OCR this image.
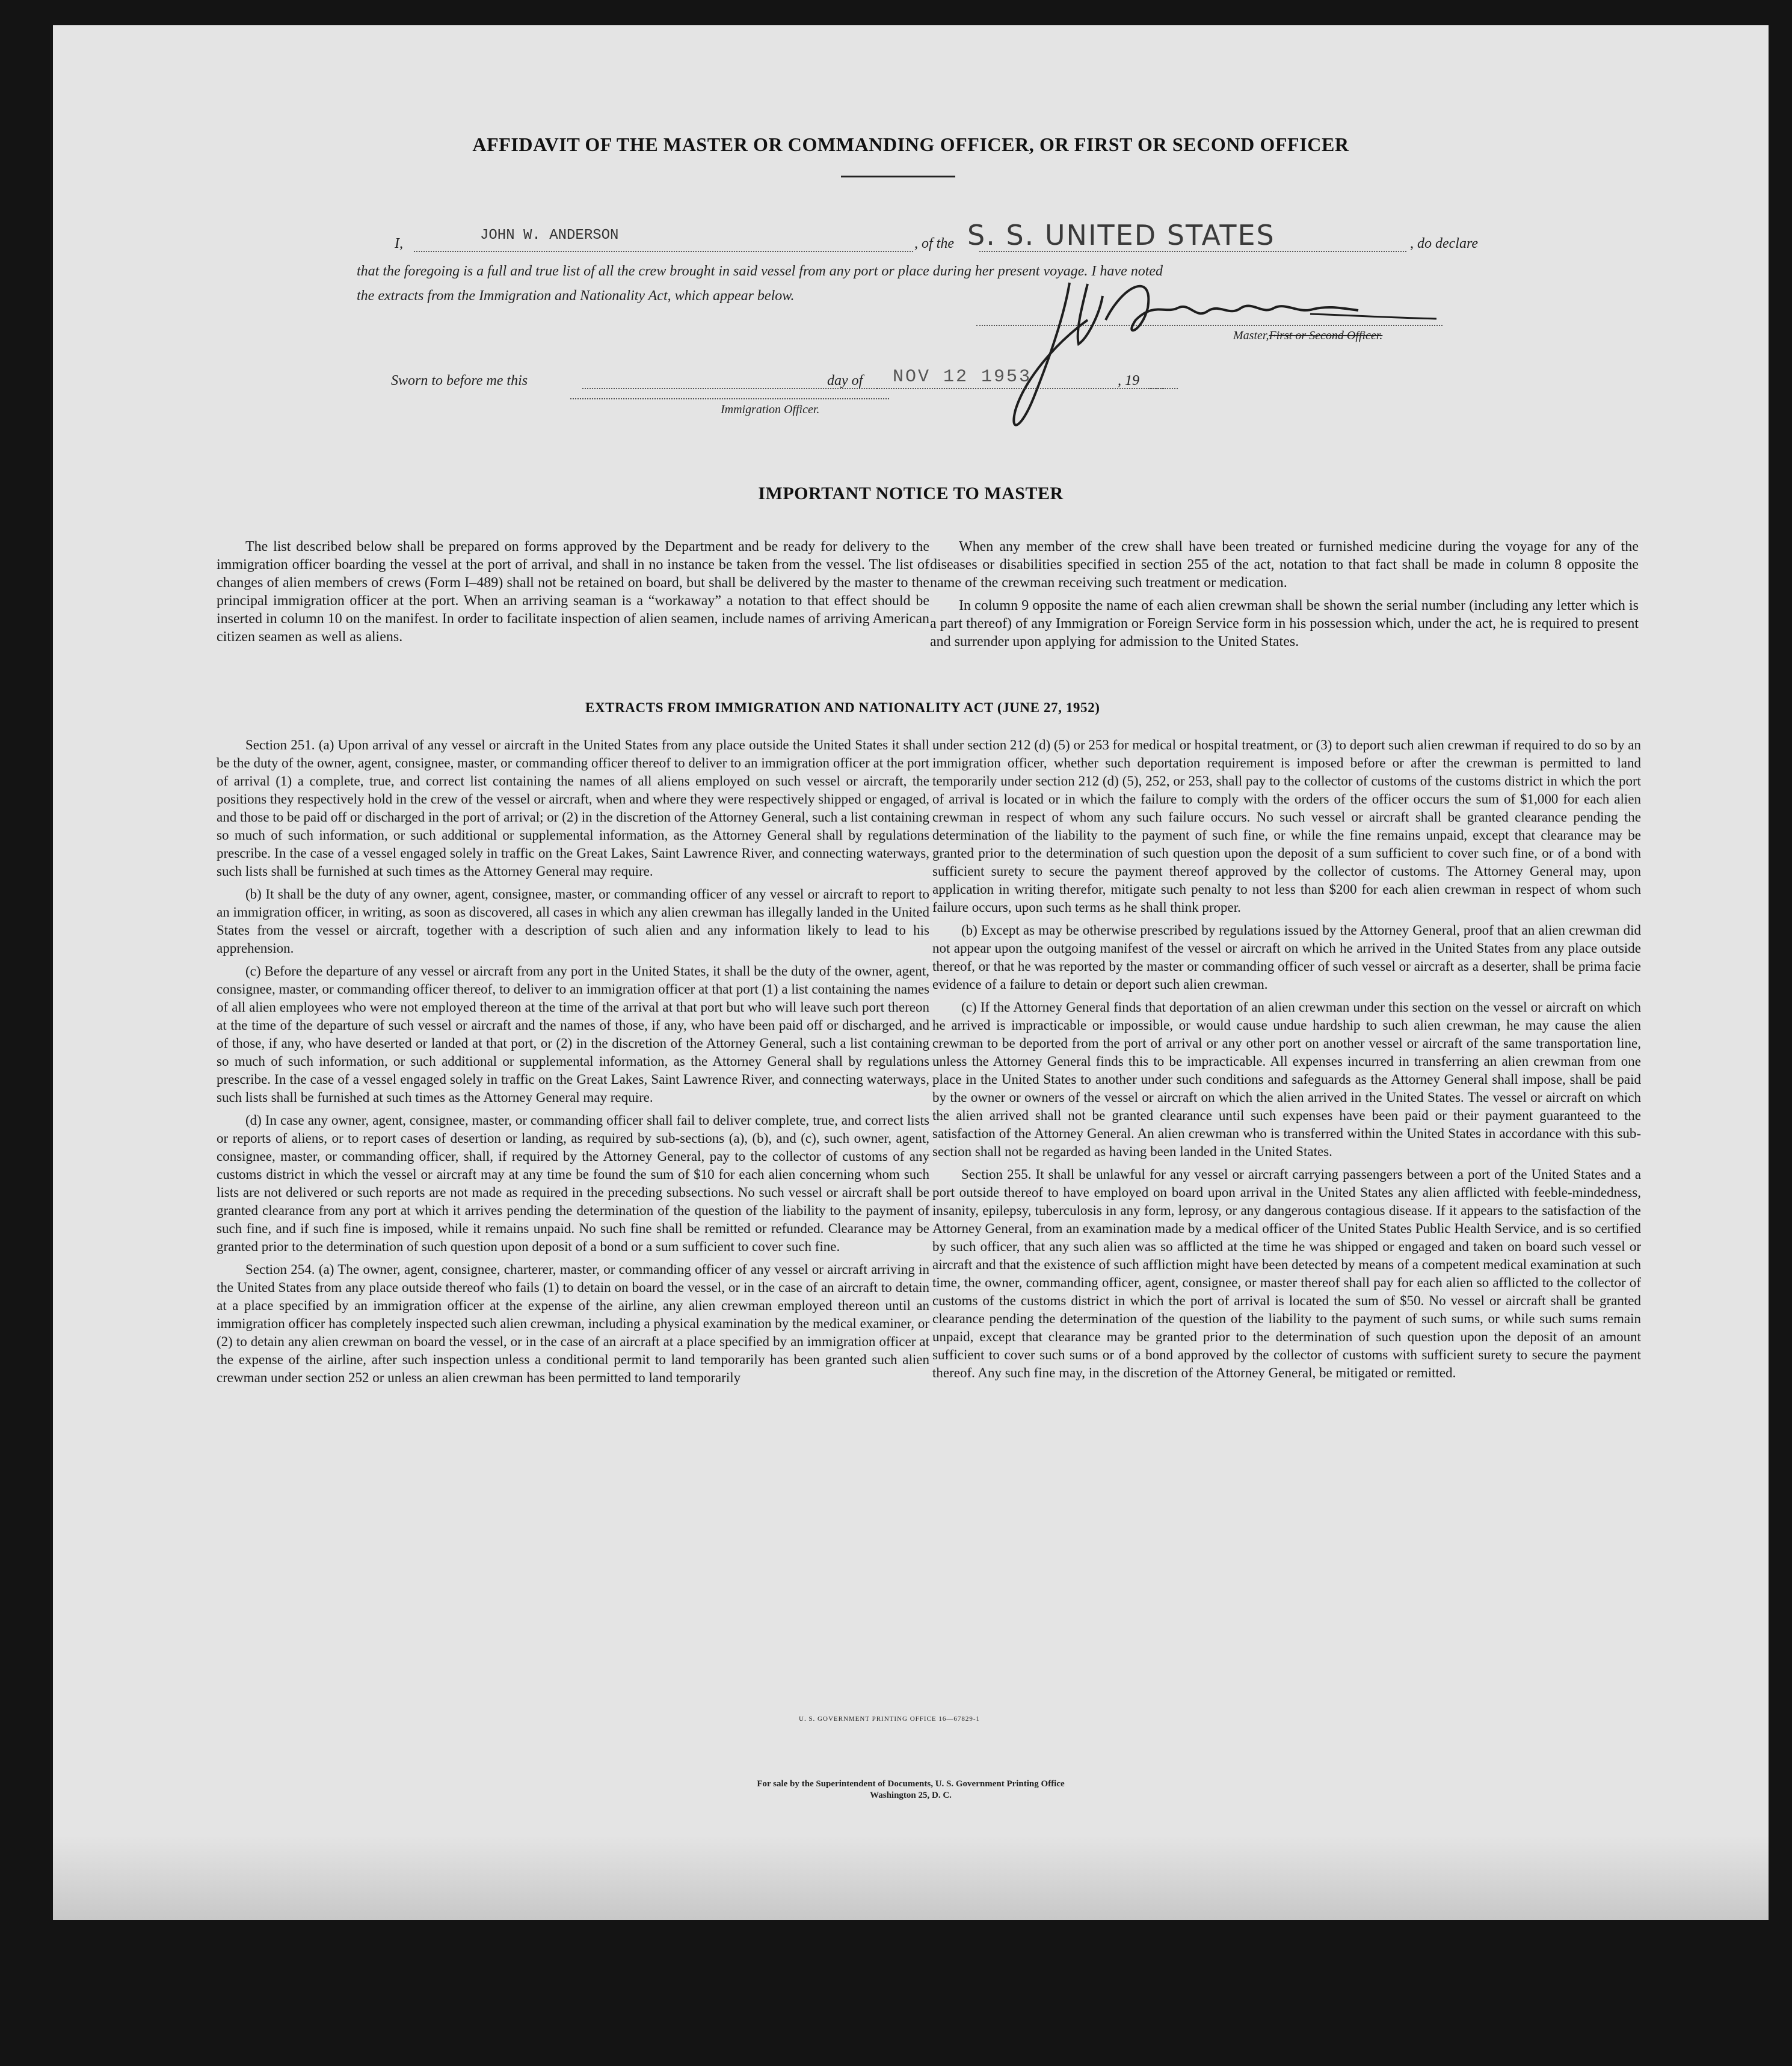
AFFIDAVIT OF THE MASTER OR COMMANDING OFFICER, OR FIRST OR SECOND OFFICER
I,	JOHN W. ANDERSON	, of the S. S. UNITED STATES	, do declare
that the foregoing is a full and true list of all the crew brought in said vessel from any port or place during her present voyage. I have noted
the extracts from the Immigration and Nationality Act, which appear below.
Master,First or Second Officer.
Sworn to before me this	day of NOV 12 1953	, 19
Immigration Officer.
IMPORTANT NOTICE TO MASTER

The list described below shall be prepared on forms approved by the Department and be ready for delivery to the immigration officer boarding the vessel at the port of arrival, and shall in no instance be taken from the vessel. The list of changes of alien members of crews (Form I–489) shall not be retained on board, but shall be delivered by the master to the principal immigration officer at the port. When an arriving seaman is a “workaway” a notation to that effect should be inserted in column 10 on the manifest. In order to facilitate inspection of alien seamen, include names of arriving American citizen seamen as well as aliens.

When any member of the crew shall have been treated or furnished medicine during the voyage for any of the diseases or disabilities specified in section 255 of the act, notation to that fact shall be made in column 8 opposite the name of the crewman receiving such treatment or medication.

In column 9 opposite the name of each alien crewman shall be shown the serial number (including any letter which is a part thereof) of any Immigration or Foreign Service form in his possession which, under the act, he is required to present and surrender upon applying for admission to the United States.

EXTRACTS FROM IMMIGRATION AND NATIONALITY ACT (JUNE 27, 1952)

Section 251. (a) Upon arrival of any vessel or aircraft in the United States from any place outside the United States it shall be the duty of the owner, agent, consignee, master, or commanding officer thereof to deliver to an immigration officer at the port of arrival (1) a complete, true, and correct list containing the names of all aliens employed on such vessel or aircraft, the positions they respectively hold in the crew of the vessel or aircraft, when and where they were respectively shipped or engaged, and those to be paid off or discharged in the port of arrival; or (2) in the discretion of the Attorney General, such a list containing so much of such information, or such additional or supplemental information, as the Attorney General shall by regulations prescribe. In the case of a vessel engaged solely in traffic on the Great Lakes, Saint Lawrence River, and connecting waterways, such lists shall be furnished at such times as the Attorney General may require.

(b) It shall be the duty of any owner, agent, consignee, master, or commanding officer of any vessel or aircraft to report to an immigration officer, in writing, as soon as discovered, all cases in which any alien crewman has illegally landed in the United States from the vessel or aircraft, together with a description of such alien and any information likely to lead to his apprehension.

(c) Before the departure of any vessel or aircraft from any port in the United States, it shall be the duty of the owner, agent, consignee, master, or commanding officer thereof, to deliver to an immigration officer at that port (1) a list containing the names of all alien employees who were not employed thereon at the time of the arrival at that port but who will leave such port thereon at the time of the departure of such vessel or aircraft and the names of those, if any, who have been paid off or discharged, and of those, if any, who have deserted or landed at that port, or (2) in the discretion of the Attorney General, such a list containing so much of such information, or such additional or supplemental information, as the Attorney General shall by regulations prescribe. In the case of a vessel engaged solely in traffic on the Great Lakes, Saint Lawrence River, and connecting waterways, such lists shall be furnished at such times as the Attorney General may require.

(d) In case any owner, agent, consignee, master, or commanding officer shall fail to deliver complete, true, and correct lists or reports of aliens, or to report cases of desertion or landing, as required by sub-sections (a), (b), and (c), such owner, agent, consignee, master, or commanding officer, shall, if required by the Attorney General, pay to the collector of customs of any customs district in which the vessel or aircraft may at any time be found the sum of $10 for each alien concerning whom such lists are not delivered or such reports are not made as required in the preceding subsections. No such vessel or aircraft shall be granted clearance from any port at which it arrives pending the determination of the question of the liability to the payment of such fine, and if such fine is imposed, while it remains unpaid. No such fine shall be remitted or refunded. Clearance may be granted prior to the determination of such question upon deposit of a bond or a sum sufficient to cover such fine.

Section 254. (a) The owner, agent, consignee, charterer, master, or commanding officer of any vessel or aircraft arriving in the United States from any place outside thereof who fails (1) to detain on board the vessel, or in the case of an aircraft to detain at a place specified by an immigration officer at the expense of the airline, any alien crewman employed thereon until an immigration officer has completely inspected such alien crewman, including a physical examination by the medical examiner, or (2) to detain any alien crewman on board the vessel, or in the case of an aircraft at a place specified by an immigration officer at the expense of the airline, after such inspection unless a conditional permit to land temporarily has been granted such alien crewman under section 252 or unless an alien crewman has been permitted to land temporarily

under section 212 (d) (5) or 253 for medical or hospital treatment, or (3) to deport such alien crewman if required to do so by an immigration officer, whether such deportation requirement is imposed before or after the crewman is permitted to land temporarily under section 212 (d) (5), 252, or 253, shall pay to the collector of customs of the customs district in which the port of arrival is located or in which the failure to comply with the orders of the officer occurs the sum of $1,000 for each alien crewman in respect of whom any such failure occurs. No such vessel or aircraft shall be granted clearance pending the determination of the liability to the payment of such fine, or while the fine remains unpaid, except that clearance may be granted prior to the determination of such question upon the deposit of a sum sufficient to cover such fine, or of a bond with sufficient surety to secure the payment thereof approved by the collector of customs. The Attorney General may, upon application in writing therefor, mitigate such penalty to not less than $200 for each alien crewman in respect of whom such failure occurs, upon such terms as he shall think proper.

(b) Except as may be otherwise prescribed by regulations issued by the Attorney General, proof that an alien crewman did not appear upon the outgoing manifest of the vessel or aircraft on which he arrived in the United States from any place outside thereof, or that he was reported by the master or commanding officer of such vessel or aircraft as a deserter, shall be prima facie evidence of a failure to detain or deport such alien crewman.

(c) If the Attorney General finds that deportation of an alien crewman under this section on the vessel or aircraft on which he arrived is impracticable or impossible, or would cause undue hardship to such alien crewman, he may cause the alien crewman to be deported from the port of arrival or any other port on another vessel or aircraft of the same transportation line, unless the Attorney General finds this to be impracticable. All expenses incurred in transferring an alien crewman from one place in the United States to another under such conditions and safeguards as the Attorney General shall impose, shall be paid by the owner or owners of the vessel or aircraft on which the alien arrived in the United States. The vessel or aircraft on which the alien arrived shall not be granted clearance until such expenses have been paid or their payment guaranteed to the satisfaction of the Attorney General. An alien crewman who is transferred within the United States in accordance with this sub-section shall not be regarded as having been landed in the United States.

Section 255. It shall be unlawful for any vessel or aircraft carrying passengers between a port of the United States and a port outside thereof to have employed on board upon arrival in the United States any alien afflicted with feeble-mindedness, insanity, epilepsy, tuberculosis in any form, leprosy, or any dangerous contagious disease. If it appears to the satisfaction of the Attorney General, from an examination made by a medical officer of the United States Public Health Service, and is so certified by such officer, that any such alien was so afflicted at the time he was shipped or engaged and taken on board such vessel or aircraft and that the existence of such affliction might have been detected by means of a competent medical examination at such time, the owner, commanding officer, agent, consignee, or master thereof shall pay for each alien so afflicted to the collector of customs of the customs district in which the port of arrival is located the sum of $50. No vessel or aircraft shall be granted clearance pending the determination of the question of the liability to the payment of such sums, or while such sums remain unpaid, except that clearance may be granted prior to the determination of such question upon the deposit of an amount sufficient to cover such sums or of a bond approved by the collector of customs with sufficient surety to secure the payment thereof. Any such fine may, in the discretion of the Attorney General, be mitigated or remitted.

U. S. GOVERNMENT PRINTING OFFICE 16—67829-1
For sale by the Superintendent of Documents, U. S. Government Printing Office
Washington 25, D. C.
